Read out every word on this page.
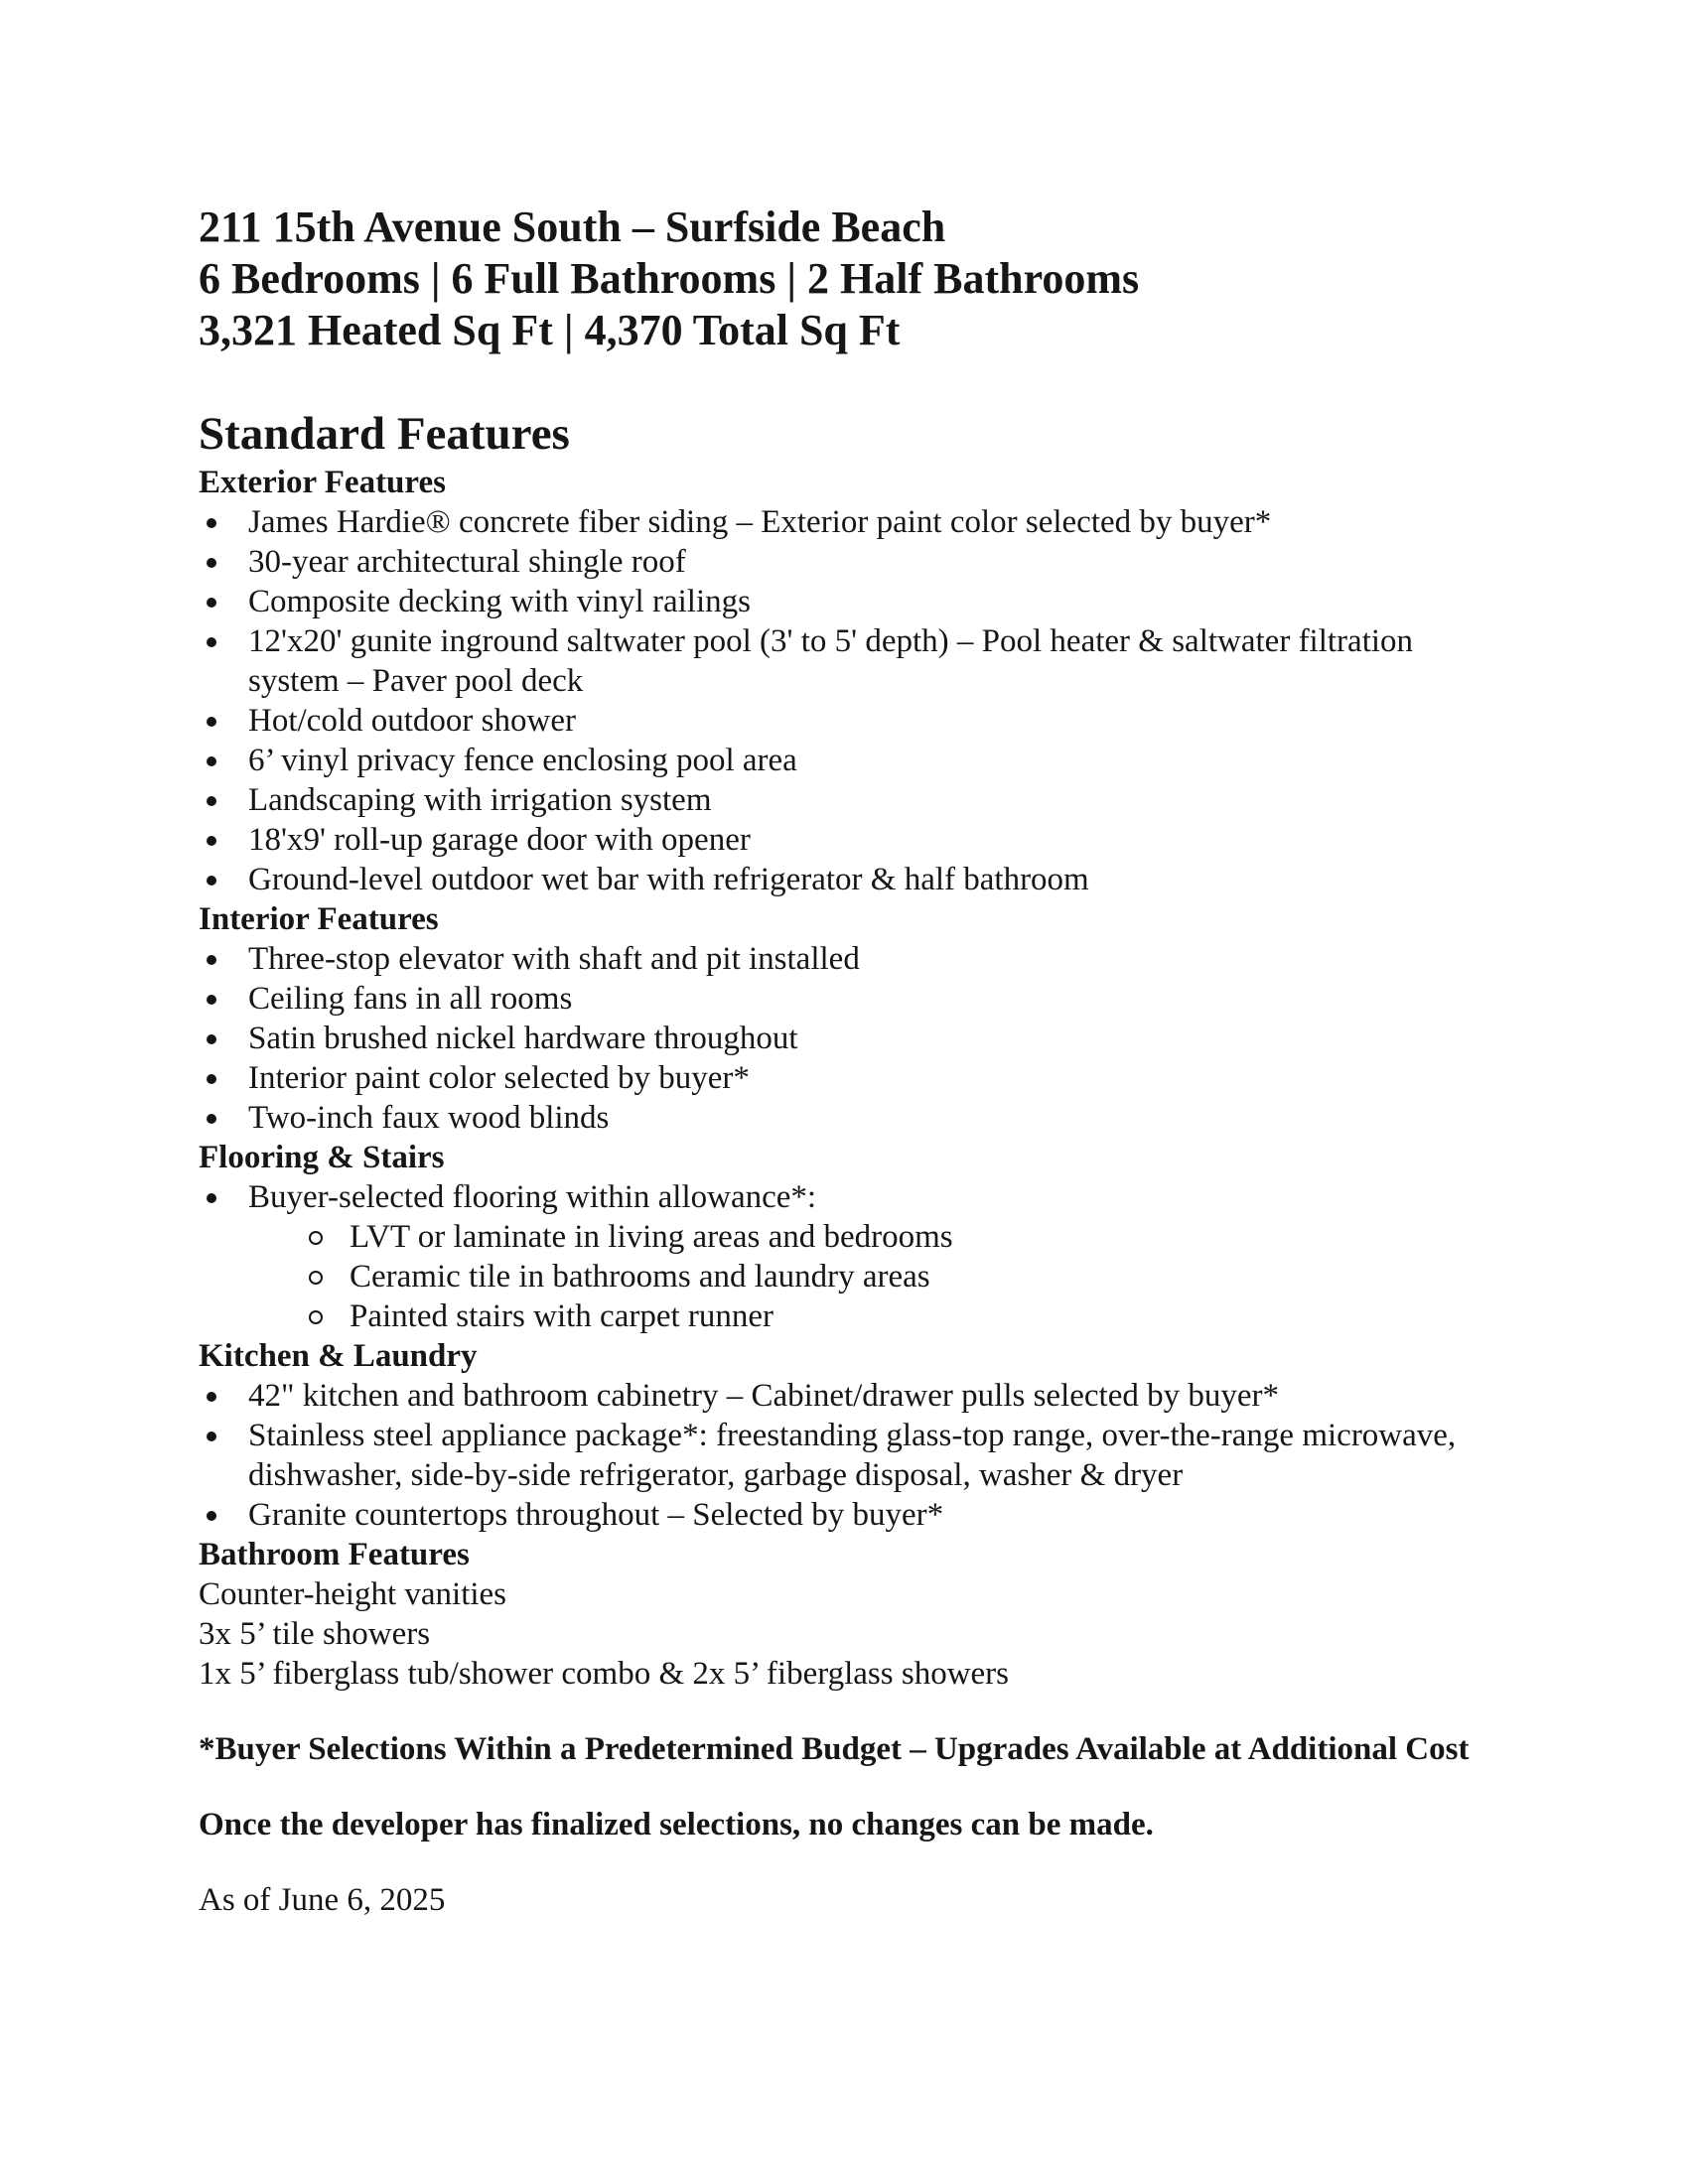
211 15th Avenue South – Surfside Beach
6 Bedrooms | 6 Full Bathrooms | 2 Half Bathrooms
3,321 Heated Sq Ft | 4,370 Total Sq Ft
Standard Features
Exterior Features
James Hardie® concrete fiber siding – Exterior paint color selected by buyer*
30-year architectural shingle roof
Composite decking with vinyl railings
12'x20' gunite inground saltwater pool (3' to 5' depth) – Pool heater & saltwater filtration system – Paver pool deck
Hot/cold outdoor shower
6’ vinyl privacy fence enclosing pool area
Landscaping with irrigation system
18'x9' roll-up garage door with opener
Ground-level outdoor wet bar with refrigerator & half bathroom
Interior Features
Three-stop elevator with shaft and pit installed
Ceiling fans in all rooms
Satin brushed nickel hardware throughout
Interior paint color selected by buyer*
Two-inch faux wood blinds
Flooring & Stairs
Buyer-selected flooring within allowance*:
LVT or laminate in living areas and bedrooms
Ceramic tile in bathrooms and laundry areas
Painted stairs with carpet runner
Kitchen & Laundry
42" kitchen and bathroom cabinetry – Cabinet/drawer pulls selected by buyer*
Stainless steel appliance package*: freestanding glass-top range, over-the-range microwave, dishwasher, side-by-side refrigerator, garbage disposal, washer & dryer
Granite countertops throughout – Selected by buyer*
Bathroom Features
Counter-height vanities
3x 5’ tile showers
1x 5’ fiberglass tub/shower combo & 2x 5’ fiberglass showers

*Buyer Selections Within a Predetermined Budget – Upgrades Available at Additional Cost

Once the developer has finalized selections, no changes can be made.

As of June 6, 2025
